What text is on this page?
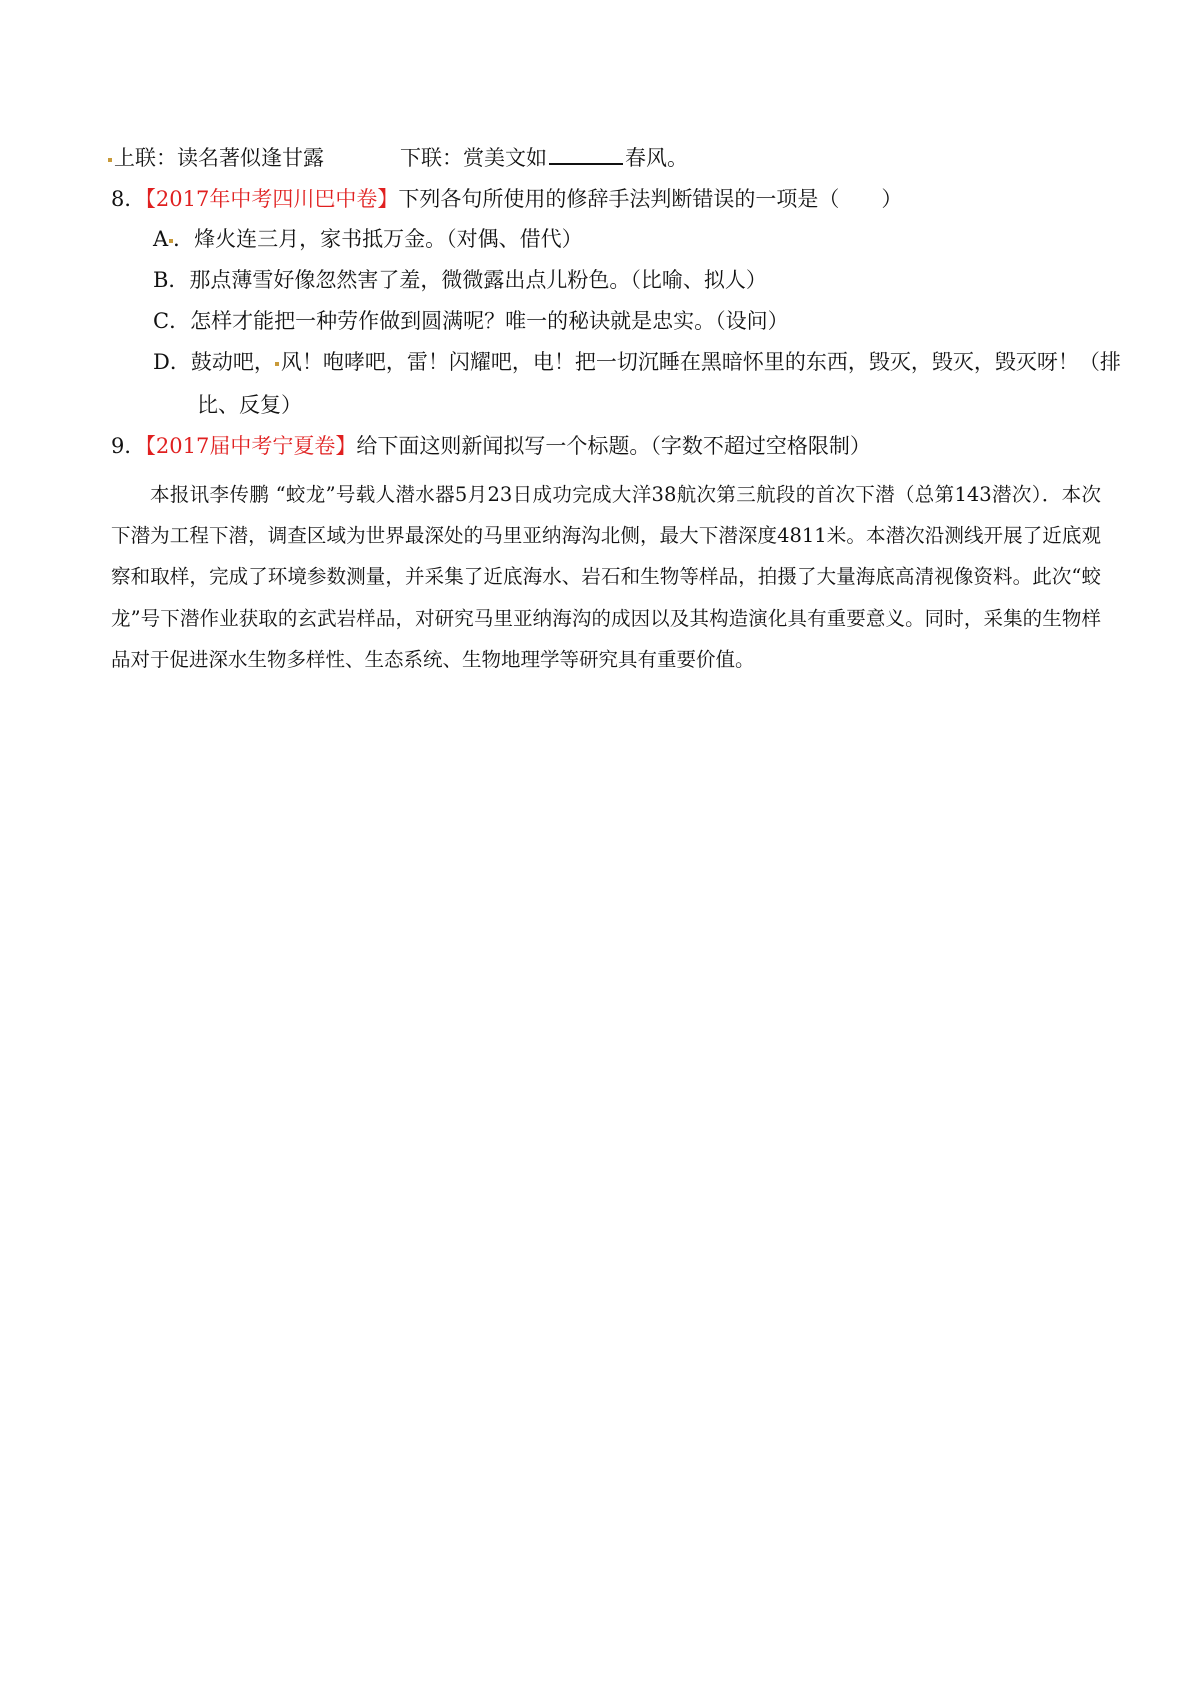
上联：读名著似逢甘露	下联：赏美文如	春风。
8．【2017年中考四川巴中卷】下列各句所使用的修辞手法判断错误的一项是（　　）
A ．烽火连三月，家书抵万金。（对偶、借代）
B．那点薄雪好像忽然害了羞，微微露出点儿粉色。（比喻、拟人）
C．怎样才能把一种劳作做到圆满呢？唯一的秘诀就是忠实。（设问）
D．鼓动吧， 风！咆哮吧，雷！闪耀吧，电！把一切沉睡在黑暗怀里的东西，毁灭，毁灭，毁灭呀！（排
比、反复）
9．【2017届中考宁夏卷】给下面这则新闻拟写一个标题。（字数不超过空格限制）
本报讯李传鹏 “蛟龙”号载人潜水器5月23日成功完成大洋38航次第三航段的首次下潜（总第143潜次）．本次下潜为工程下潜，调查区域为世界最深处的马里亚纳海沟北侧，最大下潜深度4811米。本潜次沿测线开展了近底观察和取样，完成了环境参数测量，并采集了近底海水、岩石和生物等样品，拍摄了大量海底高清视像资料。此次“蛟龙”号下潜作业获取的玄武岩样品，对研究马里亚纳海沟的成因以及其构造演化具有重要意义。同时，采集的生物样品对于促进深水生物多样性、生态系统、生物地理学等研究具有重要价值。
